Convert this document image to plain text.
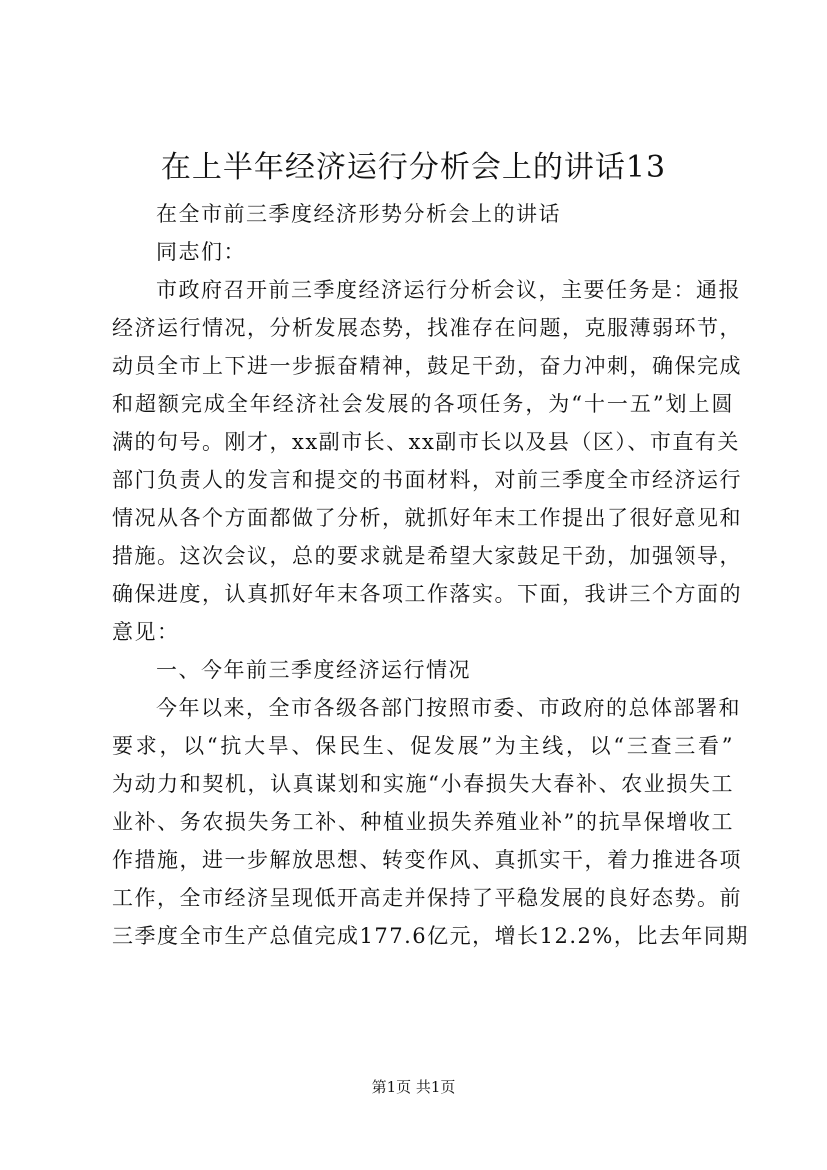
在上半年经济运行分析会上的讲话13
在全市前三季度经济形势分析会上的讲话
同志们：
市政府召开前三季度经济运行分析会议，主要任务是：通报
经济运行情况，分析发展态势，找准存在问题，克服薄弱环节，
动员全市上下进一步振奋精神，鼓足干劲，奋力冲刺，确保完成
和超额完成全年经济社会发展的各项任务，为“十一五”划上圆
满的句号。刚才，xx副市长、xx副市长以及县（区）、市直有关
部门负责人的发言和提交的书面材料，对前三季度全市经济运行
情况从各个方面都做了分析，就抓好年末工作提出了很好意见和
措施。这次会议，总的要求就是希望大家鼓足干劲，加强领导，
确保进度，认真抓好年末各项工作落实。下面，我讲三个方面的
意见：
一、今年前三季度经济运行情况
今年以来，全市各级各部门按照市委、市政府的总体部署和
要求，以“抗大旱、保民生、促发展”为主线，以“三查三看”
为动力和契机，认真谋划和实施“小春损失大春补、农业损失工
业补、务农损失务工补、种植业损失养殖业补”的抗旱保增收工
作措施，进一步解放思想、转变作风、真抓实干，着力推进各项
工作，全市经济呈现低开高走并保持了平稳发展的良好态势。前
三季度全市生产总值完成177.6亿元，增长12.2%，比去年同期
第1页 共1页
